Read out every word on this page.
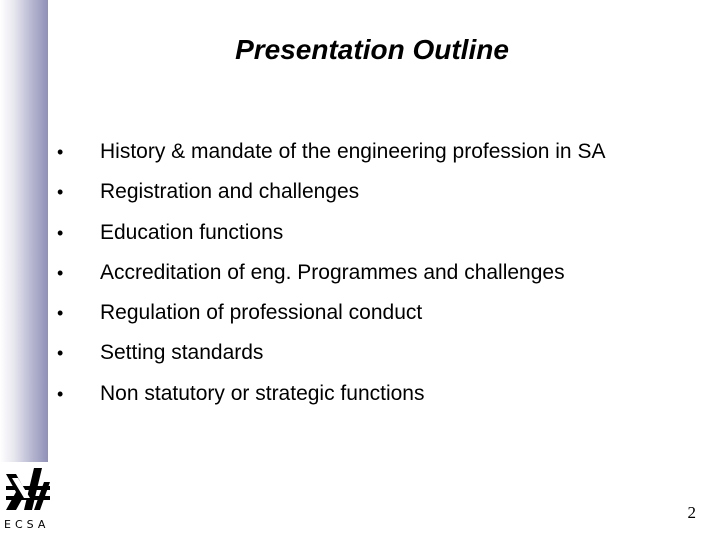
Presentation Outline
•	History & mandate of the engineering profession in SA
•	Registration and challenges
•	Education functions
•	Accreditation of eng. Programmes and challenges
•	Regulation of professional conduct
•	Setting standards
•	Non statutory or strategic functions
ECSA
2
